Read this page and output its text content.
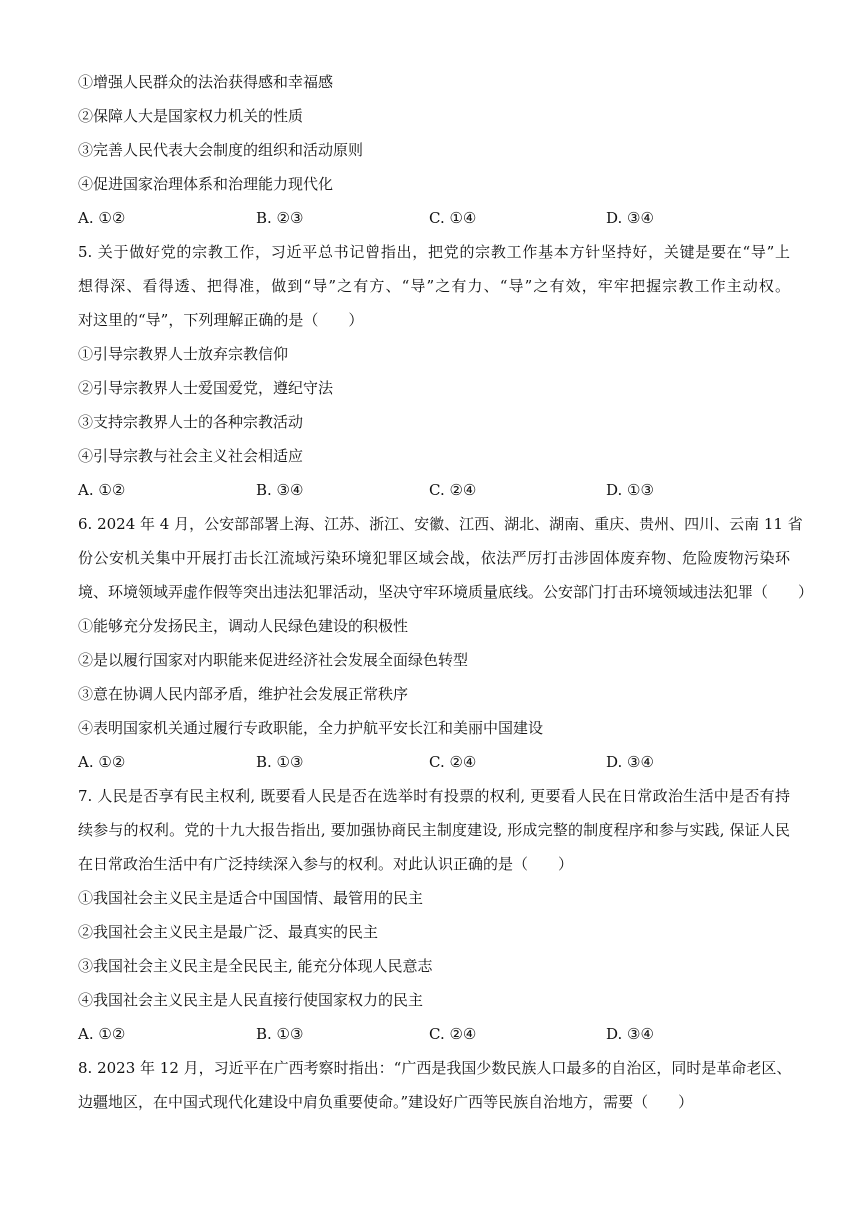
①增强人民群众的法治获得感和幸福感
②保障人大是国家权力机关的性质
③完善人民代表大会制度的组织和活动原则
④促进国家治理体系和治理能力现代化
A. ①②	B. ②③	C. ①④	D. ③④
5. 关于做好党的宗教工作，习近平总书记曾指出，把党的宗教工作基本方针坚持好，关键是要在“导”上
想得深、看得透、把得准，做到“导”之有方、“导”之有力、“导”之有效，牢牢把握宗教工作主动权。
对这里的“导”，下列理解正确的是（　　）
①引导宗教界人士放弃宗教信仰
②引导宗教界人士爱国爱党，遵纪守法
③支持宗教界人士的各种宗教活动
④引导宗教与社会主义社会相适应
A. ①②	B. ③④	C. ②④	D. ①③
6. 2024 年 4 月，公安部部署上海、江苏、浙江、安徽、江西、湖北、湖南、重庆、贵州、四川、云南 11 省
份公安机关集中开展打击长江流域污染环境犯罪区域会战，依法严厉打击涉固体废弃物、危险废物污染环
境、环境领域弄虚作假等突出违法犯罪活动，坚决守牢环境质量底线。公安部门打击环境领域违法犯罪（　　）
①能够充分发扬民主，调动人民绿色建设的积极性
②是以履行国家对内职能来促进经济社会发展全面绿色转型
③意在协调人民内部矛盾，维护社会发展正常秩序
④表明国家机关通过履行专政职能，全力护航平安长江和美丽中国建设
A. ①②	B. ①③	C. ②④	D. ③④
7. 人民是否享有民主权利, 既要看人民是否在选举时有投票的权利, 更要看人民在日常政治生活中是否有持
续参与的权利。党的十九大报告指出, 要加强协商民主制度建设, 形成完整的制度程序和参与实践, 保证人民
在日常政治生活中有广泛持续深入参与的权利。对此认识正确的是（　　）
①我国社会主义民主是适合中国国情、最管用的民主
②我国社会主义民主是最广泛、最真实的民主
③我国社会主义民主是全民民主, 能充分体现人民意志
④我国社会主义民主是人民直接行使国家权力的民主
A. ①②	B. ①③	C. ②④	D. ③④
8. 2023 年 12 月，习近平在广西考察时指出：“广西是我国少数民族人口最多的自治区，同时是革命老区、
边疆地区，在中国式现代化建设中肩负重要使命。”建设好广西等民族自治地方，需要（　　）
